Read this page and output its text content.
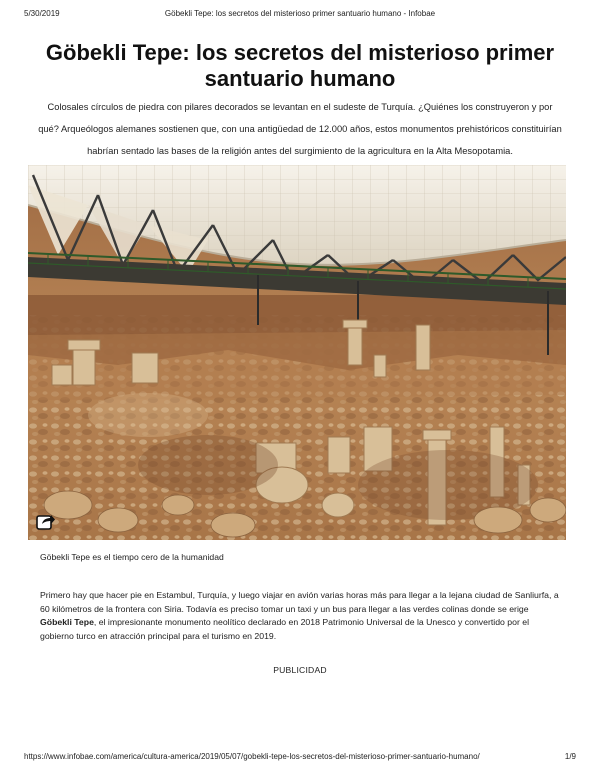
5/30/2019	Göbekli Tepe: los secretos del misterioso primer santuario humano - Infobae
Göbekli Tepe: los secretos del misterioso primer santuario humano

Colosales círculos de piedra con pilares decorados se levantan en el sudeste de Turquía. ¿Quiénes los construyeron y por qué? Arqueólogos alemanes sostienen que, con una antigüedad de 12.000 años, estos monumentos prehistóricos constituirían habrían sentado las bases de la religión antes del surgimiento de la agricultura en la Alta Mesopotamia.

Göbekli Tepe es el tiempo cero de la humanidad

Primero hay que hacer pie en Estambul, Turquía, y luego viajar en avión varias horas más para llegar a la lejana ciudad de Sanliurfa, a 60 kilómetros de la frontera con Siria. Todavía es preciso tomar un taxi y un bus para llegar a las verdes colinas donde se erige Göbekli Tepe, el impresionante monumento neolítico declarado en 2018 Patrimonio Universal de la Unesco y convertido por el gobierno turco en atracción principal para el turismo en 2019.

PUBLICIDAD
https://www.infobae.com/america/cultura-america/2019/05/07/gobekli-tepe-los-secretos-del-misterioso-primer-santuario-humano/	1/9
